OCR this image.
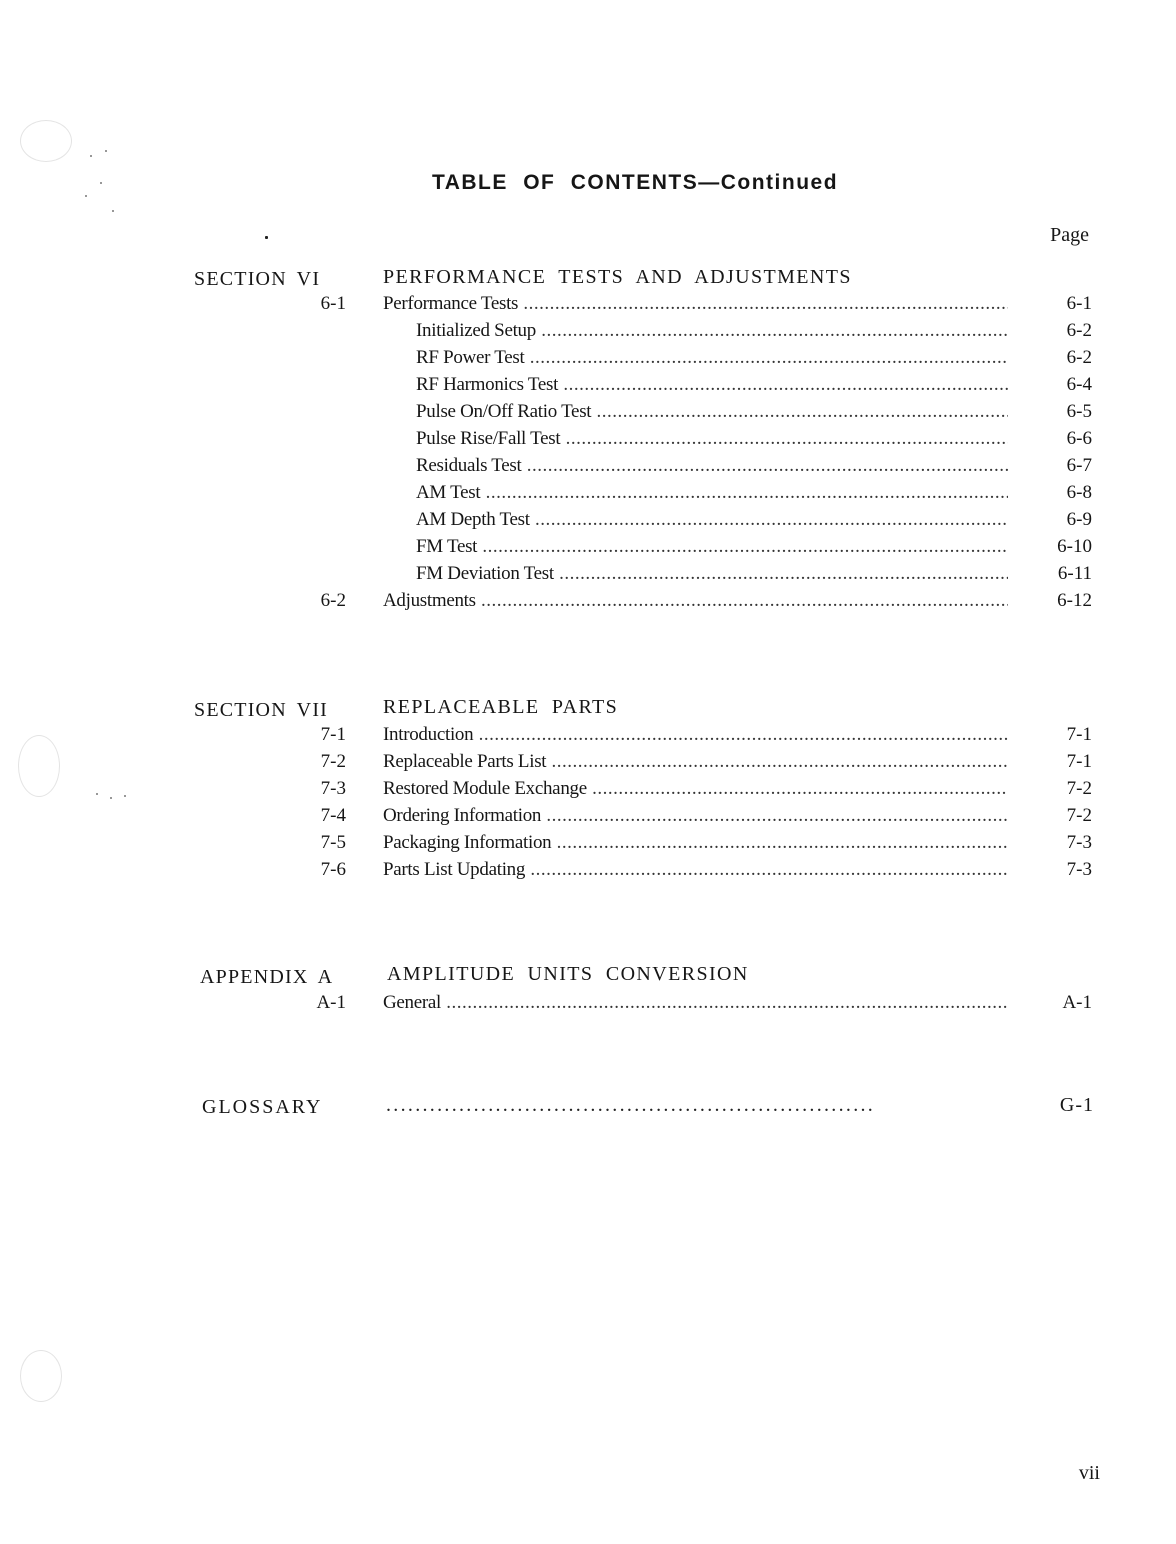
TABLE OF CONTENTS—Continued
Page
SECTION VI	PERFORMANCE TESTS AND ADJUSTMENTS
6-1 Performance Tests .....	6-1
Initialized Setup .....	6-2
RF Power Test .....	6-2
RF Harmonics Test .....	6-4
Pulse On/Off Ratio Test .....	6-5
Pulse Rise/Fall Test .....	6-6
Residuals Test .....	6-7
AM Test .....	6-8
AM Depth Test .....	6-9
FM Test .....	6-10
FM Deviation Test .....	6-11
6-2 Adjustments .....	6-12
SECTION VII	REPLACEABLE PARTS
7-1 Introduction .....	7-1
7-2 Replaceable Parts List .....	7-1
7-3 Restored Module Exchange .....	7-2
7-4 Ordering Information .....	7-2
7-5 Packaging Information .....	7-3
7-6 Parts List Updating .....	7-3
APPENDIX A	AMPLITUDE UNITS CONVERSION
A-1 General .....	A-1
GLOSSARY	...................................................................	G-1
vii
